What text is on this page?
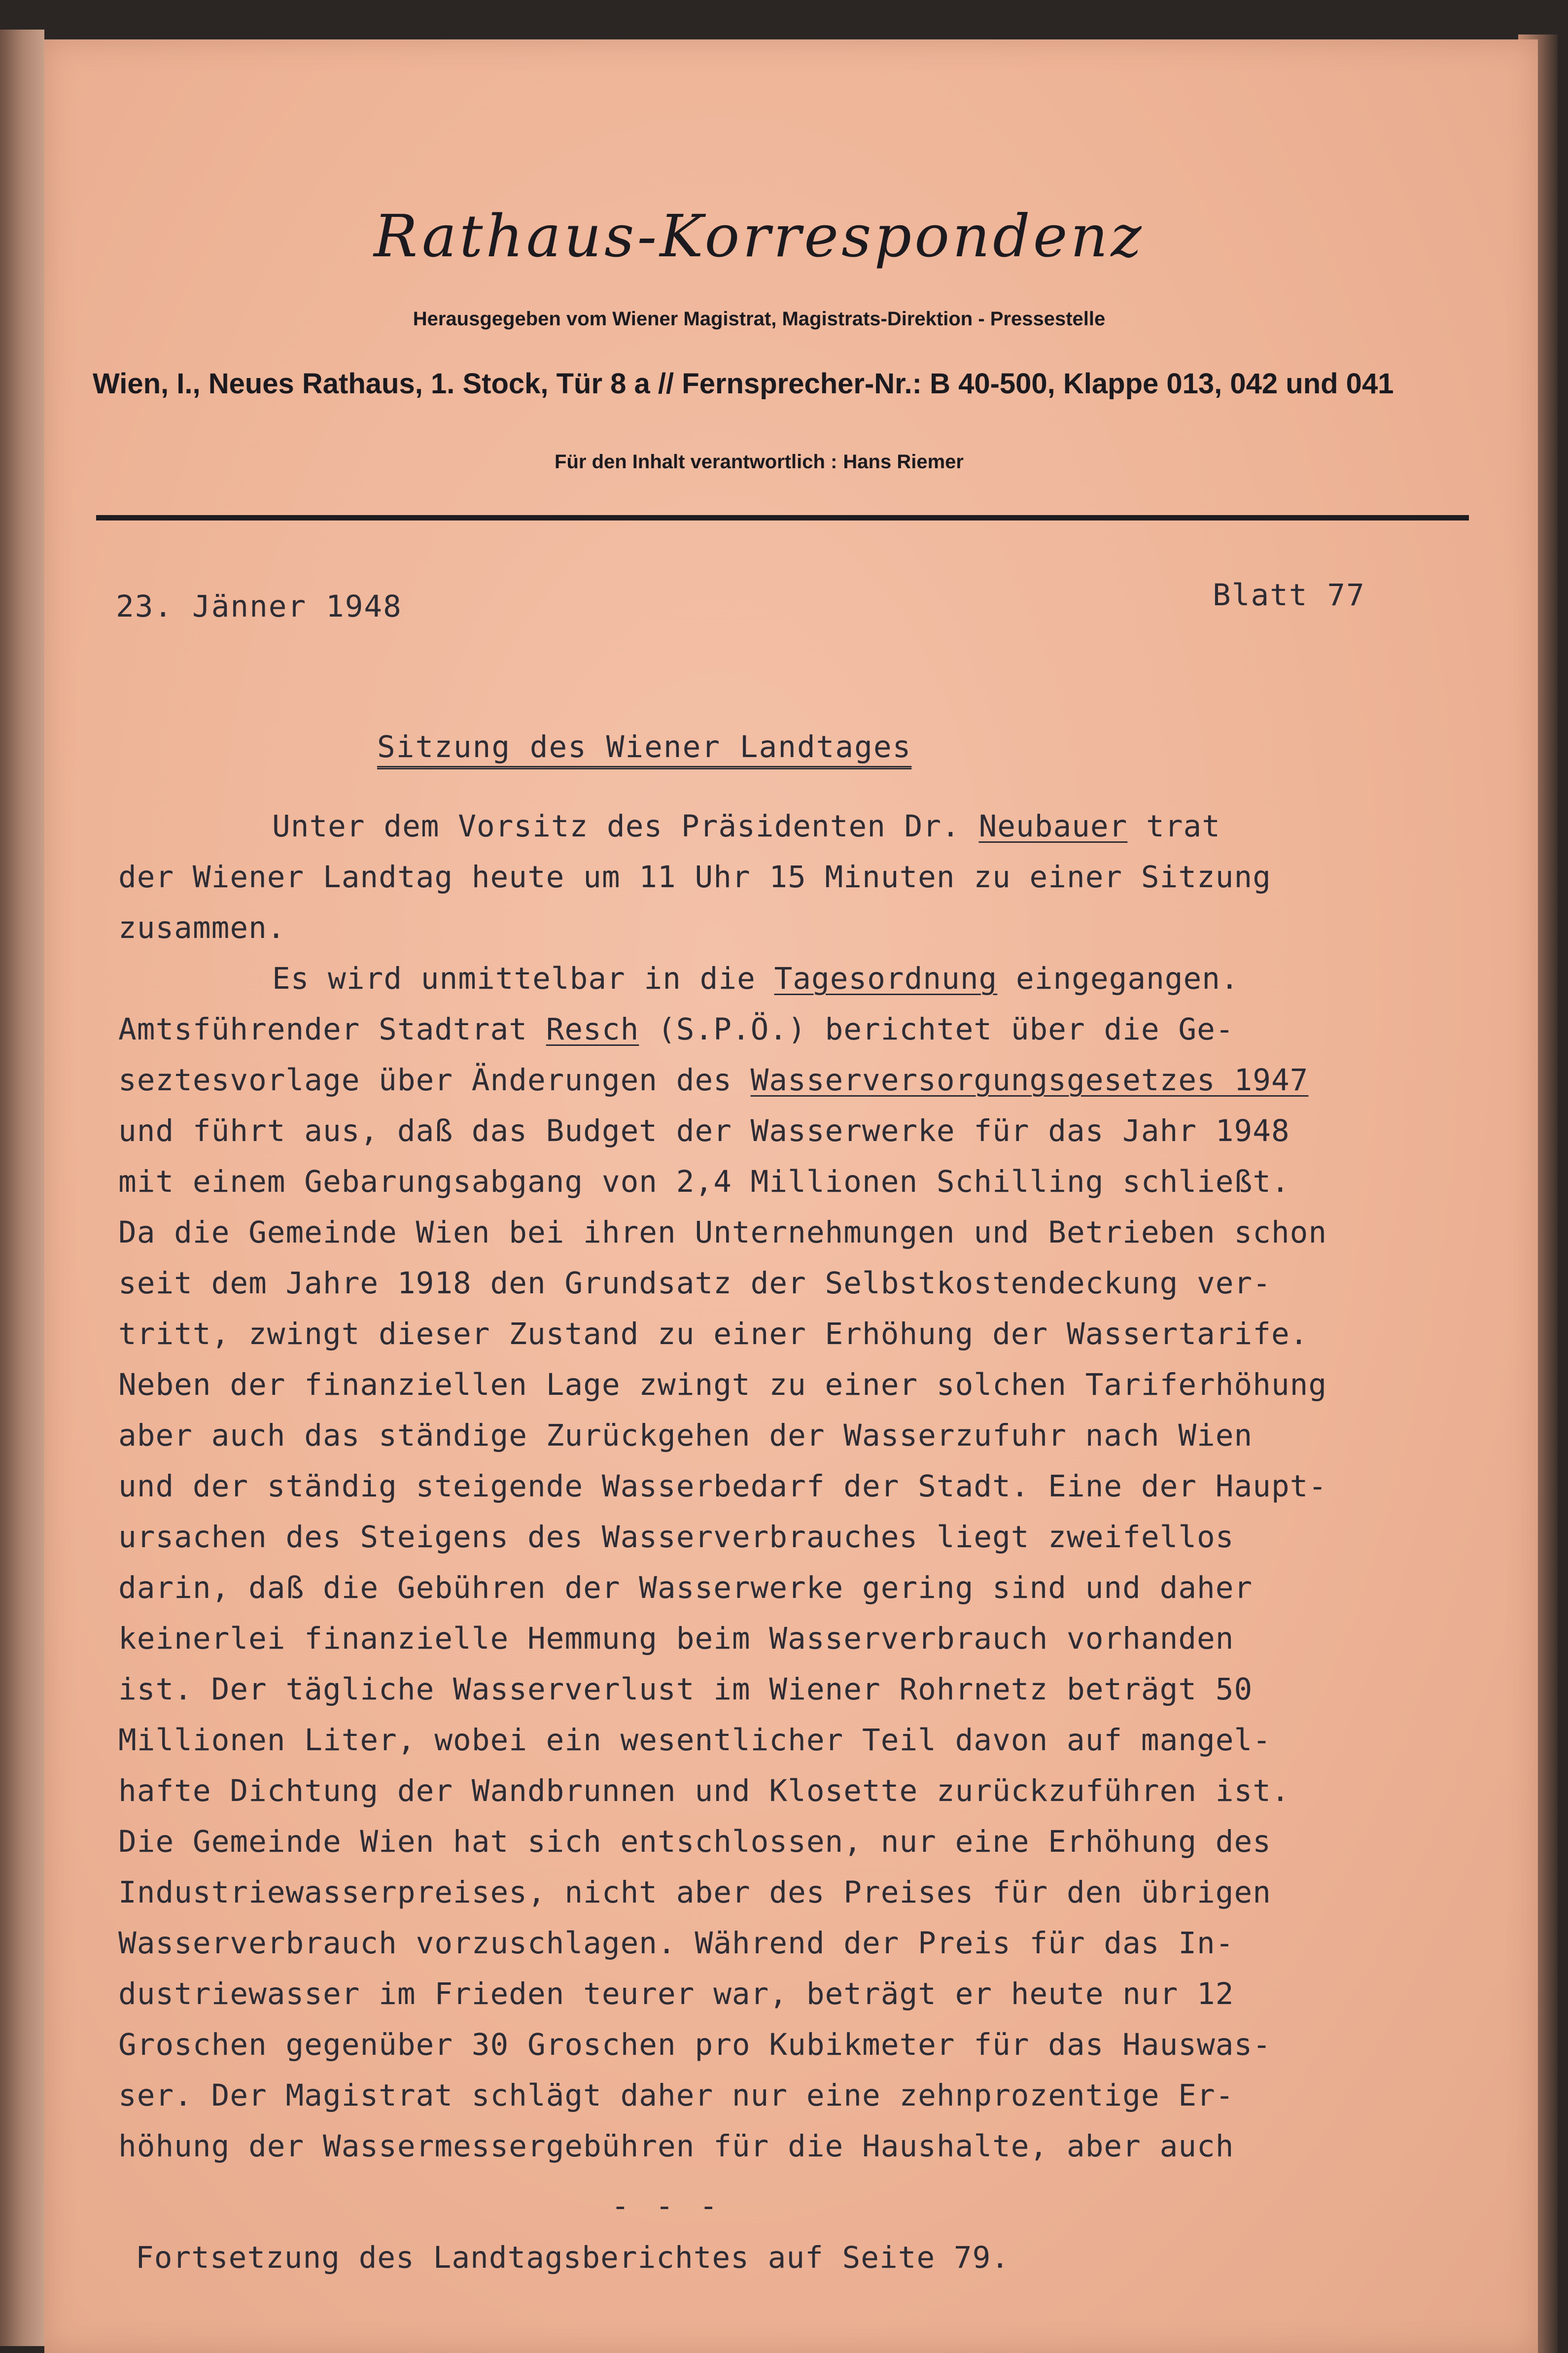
Rathaus-Korrespondenz
Herausgegeben vom Wiener Magistrat, Magistrats-Direktion - Pressestelle
Wien, I., Neues Rathaus, 1. Stock, Tür 8 a // Fernsprecher-Nr.: B 40-500, Klappe 013, 042 und 041
Für den Inhalt verantwortlich : Hans Riemer
23. Jänner 1948	Blatt 77
Sitzung des Wiener Landtages
Unter dem Vorsitz des Präsidenten Dr. Neubauer trat
der Wiener Landtag heute um 11 Uhr 15 Minuten zu einer Sitzung
zusammen.
Es wird unmittelbar in die Tagesordnung eingegangen.
Amtsführender Stadtrat Resch (S.P.Ö.) berichtet über die Ge-
seztesvorlage über Änderungen des Wasserversorgungsgesetzes 1947
und führt aus, daß das Budget der Wasserwerke für das Jahr 1948
mit einem Gebarungsabgang von 2,4 Millionen Schilling schließt.
Da die Gemeinde Wien bei ihren Unternehmungen und Betrieben schon
seit dem Jahre 1918 den Grundsatz der Selbstkostendeckung ver-
tritt, zwingt dieser Zustand zu einer Erhöhung der Wassertarife.
Neben der finanziellen Lage zwingt zu einer solchen Tariferhöhung
aber auch das ständige Zurückgehen der Wasserzufuhr nach Wien
und der ständig steigende Wasserbedarf der Stadt. Eine der Haupt-
ursachen des Steigens des Wasserverbrauches liegt zweifellos
darin, daß die Gebühren der Wasserwerke gering sind und daher
keinerlei finanzielle Hemmung beim Wasserverbrauch vorhanden
ist. Der tägliche Wasserverlust im Wiener Rohrnetz beträgt 50
Millionen Liter, wobei ein wesentlicher Teil davon auf mangel-
hafte Dichtung der Wandbrunnen und Klosette zurückzuführen ist.
Die Gemeinde Wien hat sich entschlossen, nur eine Erhöhung des
Industriewasserpreises, nicht aber des Preises für den übrigen
Wasserverbrauch vorzuschlagen. Während der Preis für das In-
dustriewasser im Frieden teurer war, beträgt er heute nur 12
Groschen gegenüber 30 Groschen pro Kubikmeter für das Hauswas-
ser. Der Magistrat schlägt daher nur eine zehnprozentige Er-
höhung der Wassermessergebühren für die Haushalte, aber auch
- - -
Fortsetzung des Landtagsberichtes auf Seite 79.
